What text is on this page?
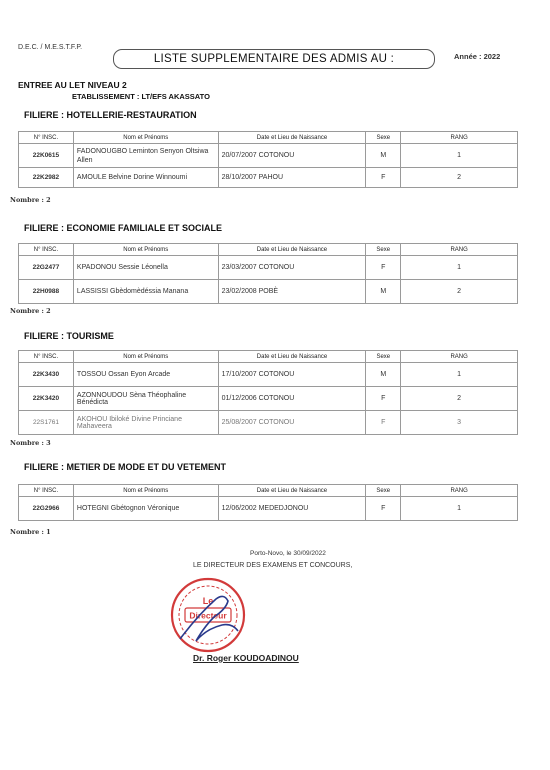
D.E.C. / M.E.S.T.F.P.
LISTE SUPPLEMENTAIRE DES ADMIS AU :	Année : 2022
ENTREE AU LET NIVEAU 2
ETABLISSEMENT : LT/EFS AKASSATO
FILIERE : HOTELLERIE-RESTAURATION
N° INSC.	Nom et Prénoms	Date et Lieu de Naissance	Sexe	RANG
22K0615	FADONOUGBO Leminton Senyon Oltsiwa Allen	20/07/2007 COTONOU	M	1
22K2982	AMOULE Belvine Dorine Winnoumi	28/10/2007 PAHOU	F	2
Nombre : 2
FILIERE : ECONOMIE FAMILIALE ET SOCIALE
N° INSC.	Nom et Prénoms	Date et Lieu de Naissance	Sexe	RANG
22G2477	KPADONOU Sessie Léonella	23/03/2007 COTONOU	F	1
22H0988	LASSISSI Gbèdomèdéssia Manana	23/02/2008 POBÈ	M	2
Nombre : 2
FILIERE : TOURISME
N° INSC.	Nom et Prénoms	Date et Lieu de Naissance	Sexe	RANG
22K3430	TOSSOU Ossan Eyon Arcade	17/10/2007 COTONOU	M	1
22K3420	AZONNOUDOU Sèna Théophaline Bénédicta	01/12/2006 COTONOU	F	2
22S1761	AKOHOU Ibiloké Divine Princiane Mahaveera	25/08/2007 COTONOU	F	3
Nombre : 3
FILIERE : METIER DE MODE ET DU VETEMENT
N° INSC.	Nom et Prénoms	Date et Lieu de Naissance	Sexe	RANG
22G2966	HOTEGNI Gbétognon Véronique	12/06/2002 MEDEDJONOU	F	1
Nombre : 1
Porto-Novo, le 30/09/2022
LE DIRECTEUR DES EXAMENS ET CONCOURS,
Le
Directeur
Dr. Roger KOUDOADINOU
